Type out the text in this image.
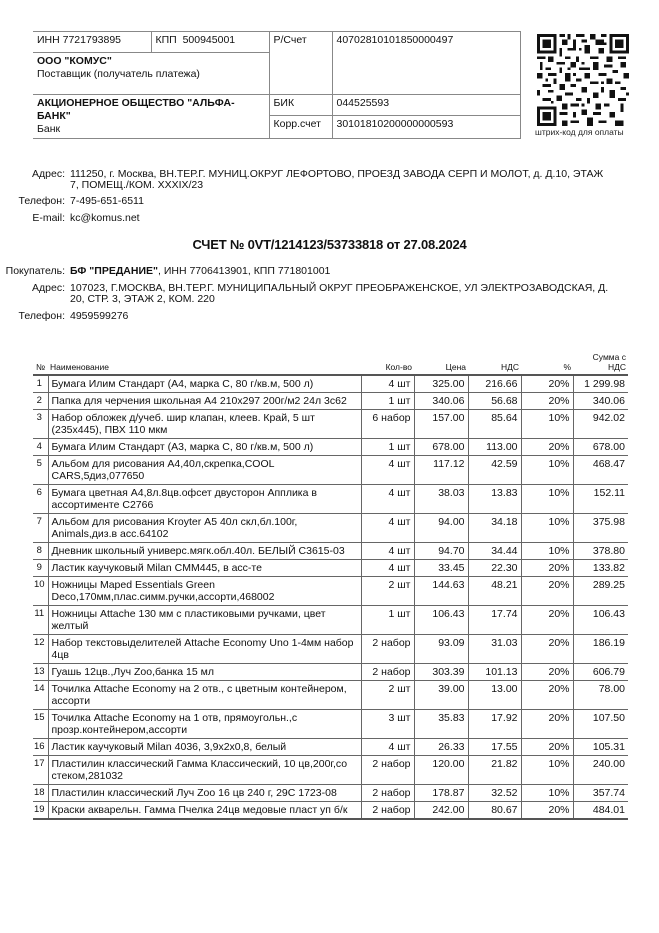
ИНН 7721793895	КПП 500945001	Р/Счет	40702810101850000497
ООО "КОМУС"
Поставщик (получатель платежа)			
АКЦИОНЕРНОЕ ОБЩЕСТВО "АЛЬФА-БАНК"
Банк		БИК	044525593
		Корр.счет	30101810200000000593
штрих-код для оплаты
Адрес: 111250, г. Москва, ВН.ТЕР.Г. МУНИЦ.ОКРУГ ЛЕФОРТОВО, ПРОЕЗД ЗАВОДА СЕРП И МОЛОТ, д. Д.10, ЭТАЖ
7, ПОМЕЩ./КОМ. XXXIX/23
Телефон: 7-495-651-6511
E-mail: kc@komus.net
СЧЕТ № 0VT/1214123/53733818 от 27.08.2024
Покупатель: БФ "ПРЕДАНИЕ", ИНН 7706413901, КПП 771801001
Адрес: 107023, Г.МОСКВА, ВН.ТЕР.Г. МУНИЦИПАЛЬНЫЙ ОКРУГ ПРЕОБРАЖЕНСКОЕ, УЛ ЭЛЕКТРОЗАВОДСКАЯ, Д.
20, СТР. 3, ЭТАЖ 2, КОМ. 220
Телефон: 4959599276
№	Наименование	Кол-во	Цена	НДС	%	Сумма с
НДС
1	Бумага Илим Стандарт (А4, марка С, 80 г/кв.м, 500 л)	4 шт	325.00	216.66	20%	1 299.98
2	Папка для черчения школьная А4 210x297 200г/м2 24л 3с62	1 шт	340.06	56.68	20%	340.06
3	Набор обложек д/учеб. шир клапан, клеев. Край, 5 шт (235x445), ПВХ 110 мкм	6 набор	157.00	85.64	10%	942.02
4	Бумага Илим Стандарт (А3, марка С, 80 г/кв.м, 500 л)	1 шт	678.00	113.00	20%	678.00
5	Альбом для рисования А4,40л,скрепка,COOL CARS,5диз,077650	4 шт	117.12	42.59	10%	468.47
6	Бумага цветная А4,8л.8цв.офсет двусторон Апплика в ассортименте С2766	4 шт	38.03	13.83	10%	152.11
7	Альбом для рисования Kroyter А5 40л скл,бл.100г, Animals,диз.в асс.64102	4 шт	94.00	34.18	10%	375.98
8	Дневник школьный универс.мягк.обл.40л. БЕЛЫЙ С3615-03	4 шт	94.70	34.44	10%	378.80
9	Ластик каучуковый Milan CMM445, в асс-те	4 шт	33.45	22.30	20%	133.82
10	Ножницы Maped Essentials Green Deco,170мм,плас.симм.ручки,ассорти,468002	2 шт	144.63	48.21	20%	289.25
11	Ножницы Attache 130 мм с пластиковыми ручками, цвет желтый	1 шт	106.43	17.74	20%	106.43
12	Набор текстовыделителей Attache Economy Uno 1-4мм набор 4цв	2 набор	93.09	31.03	20%	186.19
13	Гуашь 12цв.,Луч Zoo,банка 15 мл	2 набор	303.39	101.13	20%	606.79
14	Точилка Attache Economy на 2 отв., с цветным контейнером, ассорти	2 шт	39.00	13.00	20%	78.00
15	Точилка Attache Economy на 1 отв, прямоугольн.,с прозр.контейнером,ассорти	3 шт	35.83	17.92	20%	107.50
16	Ластик каучуковый Milan 4036, 3,9x2x0,8, белый	4 шт	26.33	17.55	20%	105.31
17	Пластилин классический Гамма Классический, 10 цв,200г,со стеком,281032	2 набор	120.00	21.82	10%	240.00
18	Пластилин классический Луч Zoo 16 цв 240 г, 29С 1723-08	2 набор	178.87	32.52	10%	357.74
19	Краски акварельн. Гамма Пчелка 24цв медовые пласт уп б/к	2 набор	242.00	80.67	20%	484.01
